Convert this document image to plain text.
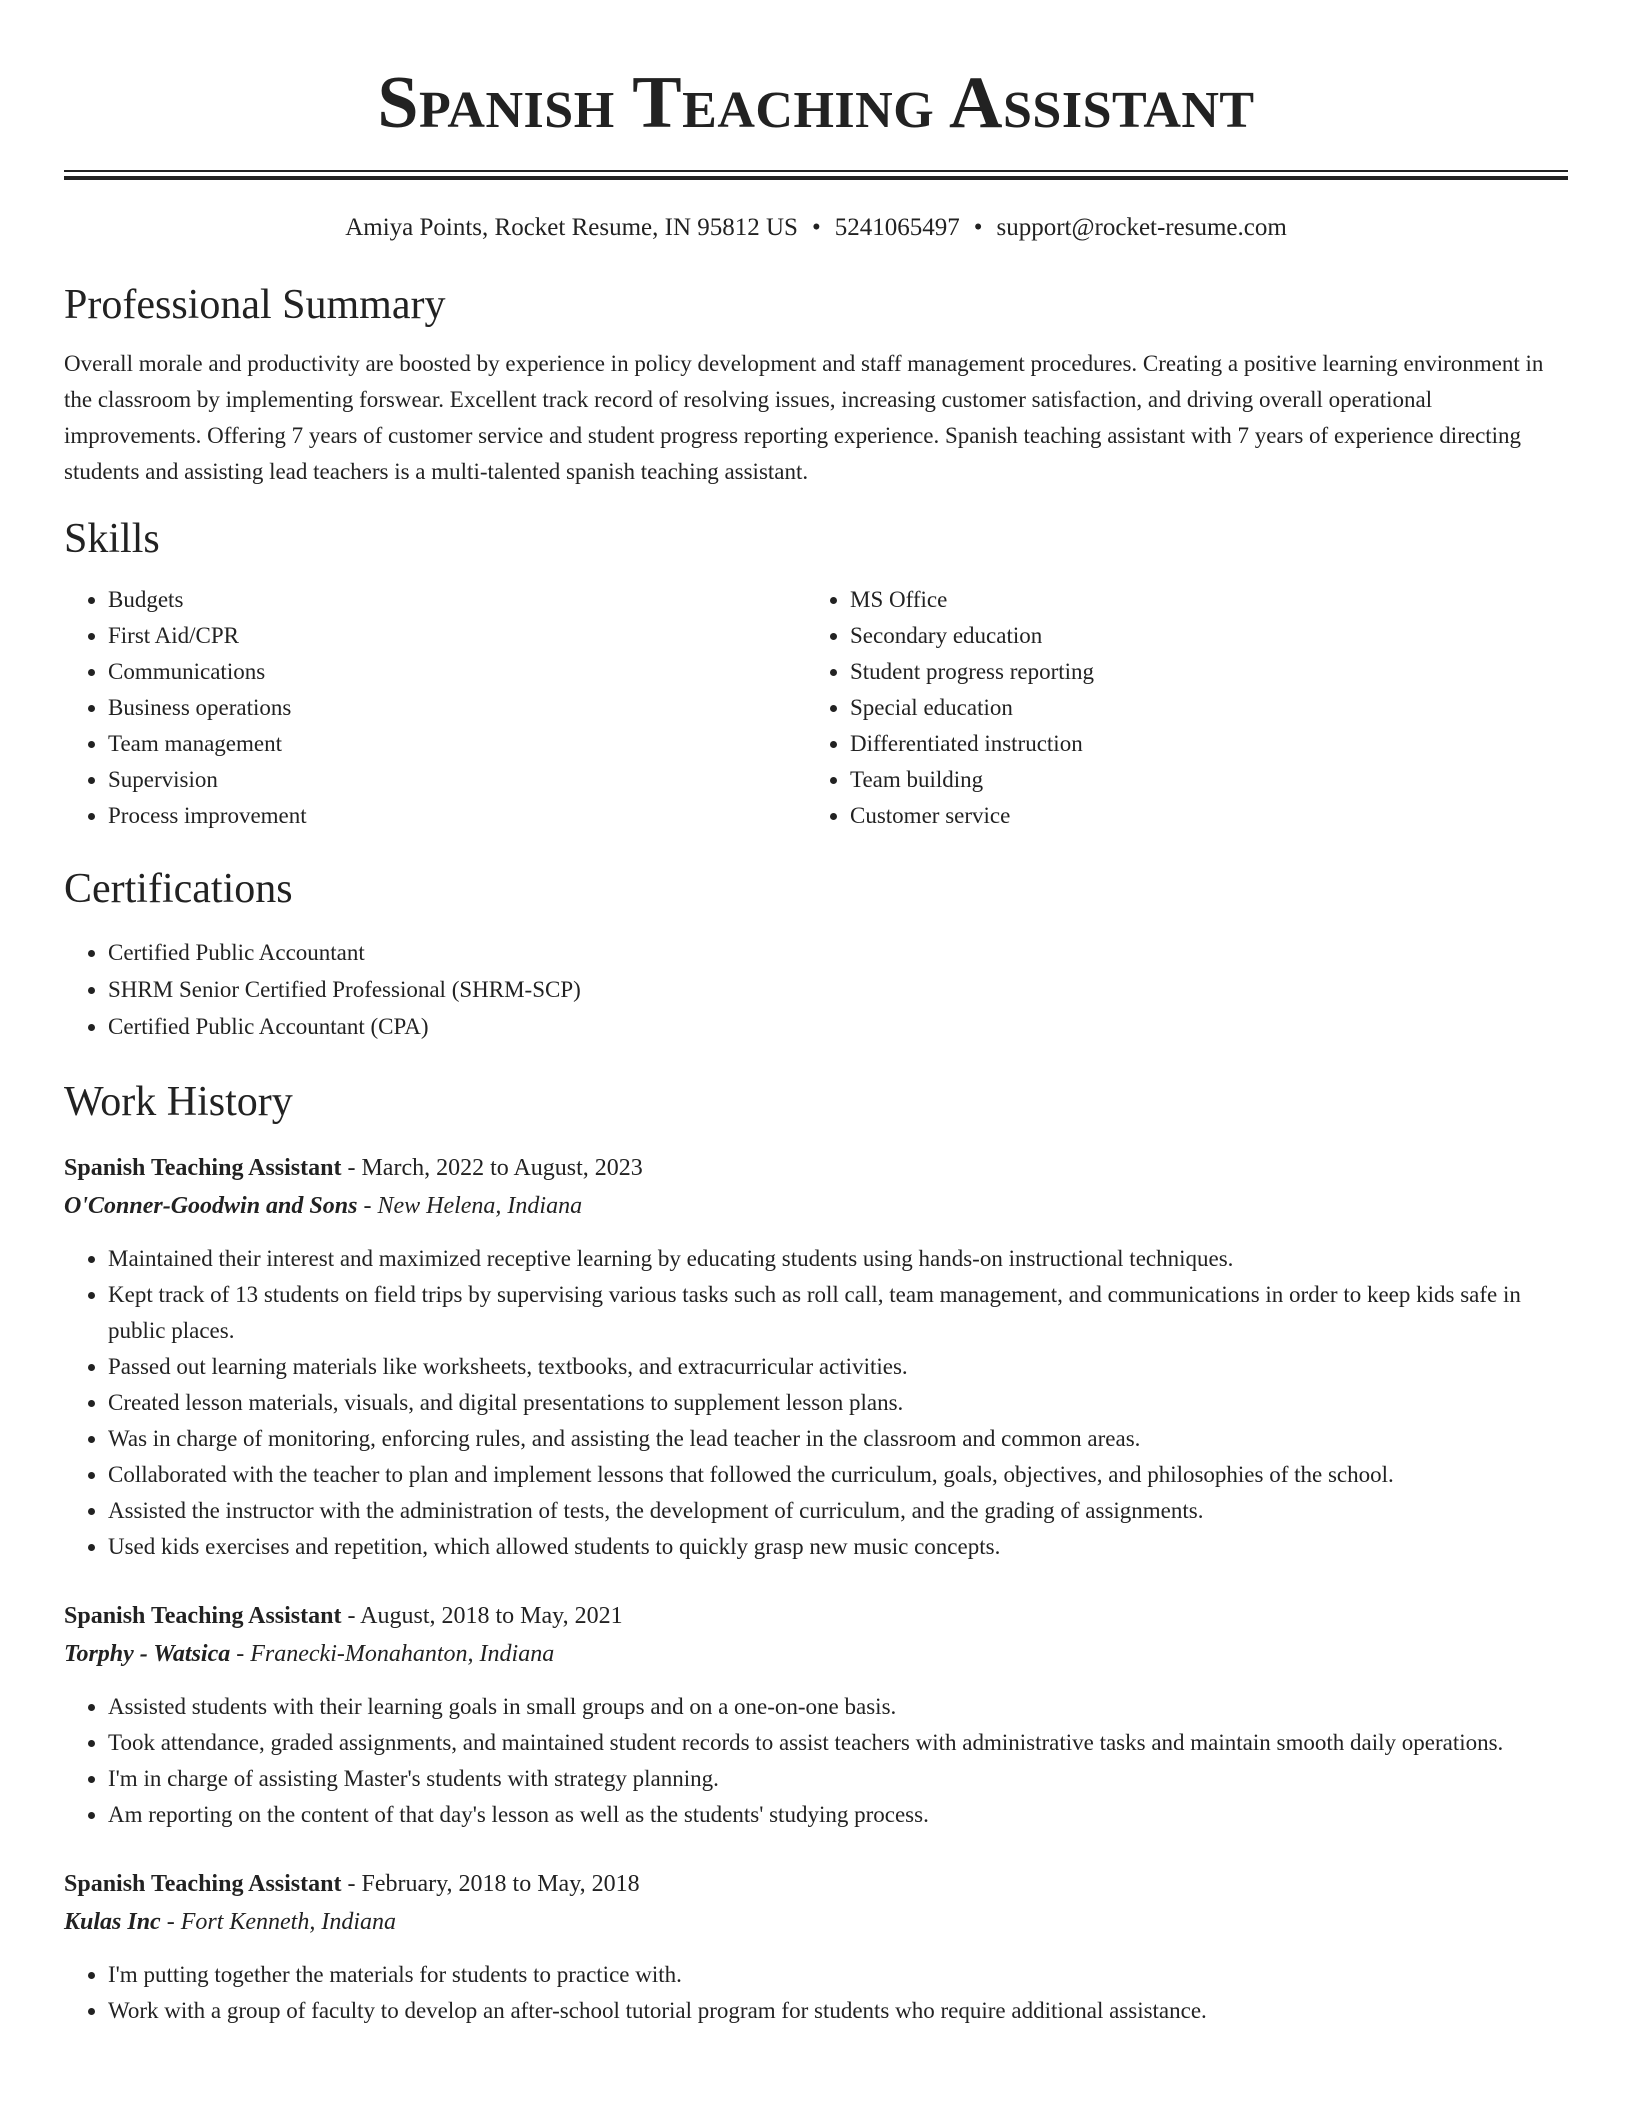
Spanish Teaching Assistant
Amiya Points, Rocket Resume, IN 95812 US • 5241065497 • support@rocket-resume.com
Professional Summary

Overall morale and productivity are boosted by experience in policy development and staff management procedures. Creating a positive learning environment in the classroom by implementing forswear. Excellent track record of resolving issues, increasing customer satisfaction, and driving overall operational improvements. Offering 7 years of customer service and student progress reporting experience. Spanish teaching assistant with 7 years of experience directing students and assisting lead teachers is a multi-talented spanish teaching assistant.

Skills
• Budgets
• First Aid/CPR
• Communications
• Business operations
• Team management
• Supervision
• Process improvement
• MS Office
• Secondary education
• Student progress reporting
• Special education
• Differentiated instruction
• Team building
• Customer service
Certifications
• Certified Public Accountant
• SHRM Senior Certified Professional (SHRM-SCP)
• Certified Public Accountant (CPA)
Work History
Spanish Teaching Assistant - March, 2022 to August, 2023
O'Conner-Goodwin and Sons - New Helena, Indiana
• Maintained their interest and maximized receptive learning by educating students using hands-on instructional techniques.
• Kept track of 13 students on field trips by supervising various tasks such as roll call, team management, and communications in order to keep kids safe in public places.
• Passed out learning materials like worksheets, textbooks, and extracurricular activities.
• Created lesson materials, visuals, and digital presentations to supplement lesson plans.
• Was in charge of monitoring, enforcing rules, and assisting the lead teacher in the classroom and common areas.
• Collaborated with the teacher to plan and implement lessons that followed the curriculum, goals, objectives, and philosophies of the school.
• Assisted the instructor with the administration of tests, the development of curriculum, and the grading of assignments.
• Used kids exercises and repetition, which allowed students to quickly grasp new music concepts.
Spanish Teaching Assistant - August, 2018 to May, 2021
Torphy - Watsica - Franecki-Monahanton, Indiana
• Assisted students with their learning goals in small groups and on a one-on-one basis.
• Took attendance, graded assignments, and maintained student records to assist teachers with administrative tasks and maintain smooth daily operations.
• I'm in charge of assisting Master's students with strategy planning.
• Am reporting on the content of that day's lesson as well as the students' studying process.
Spanish Teaching Assistant - February, 2018 to May, 2018
Kulas Inc - Fort Kenneth, Indiana
• I'm putting together the materials for students to practice with.
• Work with a group of faculty to develop an after-school tutorial program for students who require additional assistance.
